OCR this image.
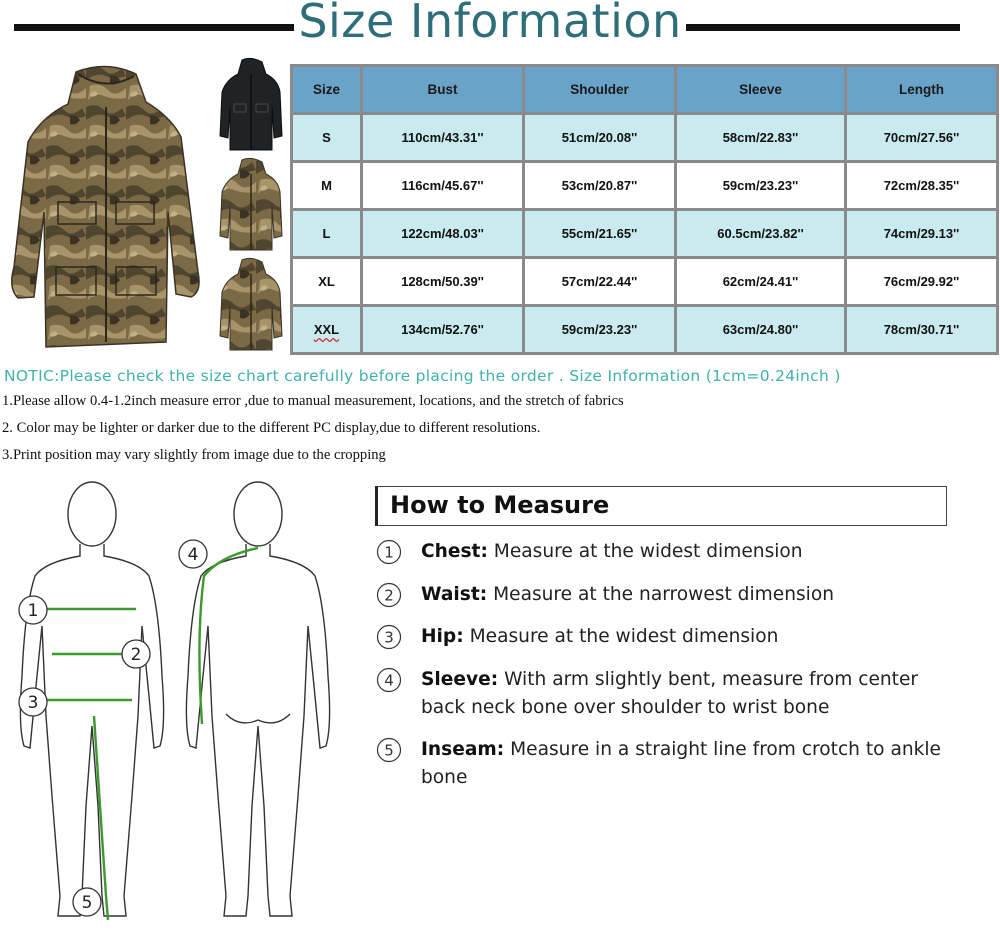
Size Information
Size	Bust	Shoulder	Sleeve	Length
S	110cm/43.31''	51cm/20.08''	58cm/22.83''	70cm/27.56''
M	116cm/45.67''	53cm/20.87''	59cm/23.23''	72cm/28.35''
L	122cm/48.03''	55cm/21.65''	60.5cm/23.82''	74cm/29.13''
XL	128cm/50.39''	57cm/22.44''	62cm/24.41''	76cm/29.92''
XXL	134cm/52.76''	59cm/23.23''	63cm/24.80''	78cm/30.71''
NOTIC:Please check the size chart carefully before placing the order . Size Information (1cm=0.24inch )
1.Please allow 0.4-1.2inch measure error ,due to manual measurement, locations, and the stretch of fabrics
2. Color may be lighter or darker due to the different PC display,due to different resolutions.
3.Print position may vary slightly from image due to the cropping
1
2
3
5
4
How to Measure
1 Chest: Measure at the widest dimension
2 Waist: Measure at the narrowest dimension
3 Hip: Measure at the widest dimension
4 Sleeve: With arm slightly bent, measure from center back neck bone over shoulder to wrist bone
5 Inseam: Measure in a straight line from crotch to ankle bone
